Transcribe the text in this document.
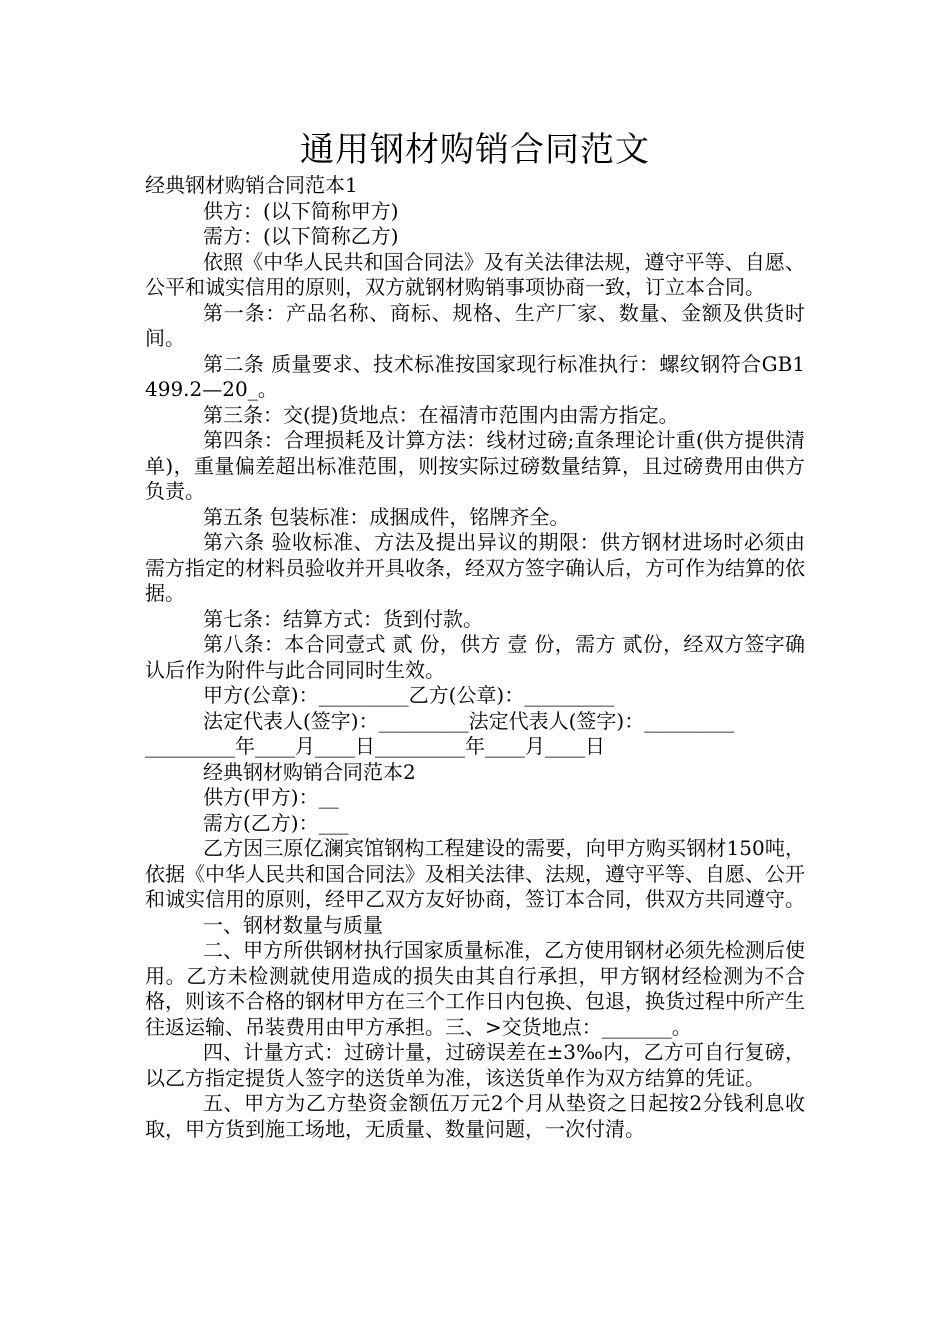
通用钢材购销合同范文

经典钢材购销合同范本1

供方：(以下简称甲方)

需方：(以下简称乙方)

依照《中华人民共和国合同法》及有关法律法规，遵守平等、自愿、公平和诚实信用的原则，双方就钢材购销事项协商一致，订立本合同。

第一条：产品名称、商标、规格、生产厂家、数量、金额及供货时间。

第二条 质量要求、技术标准按国家现行标准执行：螺纹钢符合GB1499.2—20_。

第三条：交(提)货地点：在福清市范围内由需方指定。

第四条：合理损耗及计算方法：线材过磅;直条理论计重(供方提供清单)，重量偏差超出标准范围，则按实际过磅数量结算，且过磅费用由供方负责。

第五条 包装标准：成捆成件，铭牌齐全。

第六条 验收标准、方法及提出异议的期限：供方钢材进场时必须由需方指定的材料员验收并开具收条，经双方签字确认后，方可作为结算的依据。

第七条：结算方式：货到付款。

第八条：本合同壹式 贰 份，供方 壹 份，需方 贰份，经双方签字确认后作为附件与此合同同时生效。

甲方(公章)：_________乙方(公章)：_________

法定代表人(签字)：_________法定代表人(签字)：_________

_________年____月____日_________年____月____日

经典钢材购销合同范本2

供方(甲方)：__

需方(乙方)：___

乙方因三原亿澜宾馆钢构工程建设的需要，向甲方购买钢材150吨，依据《中华人民共和国合同法》及相关法律、法规，遵守平等、自愿、公开和诚实信用的原则，经甲乙双方友好协商，签订本合同，供双方共同遵守。

一、钢材数量与质量

二、甲方所供钢材执行国家质量标准，乙方使用钢材必须先检测后使用。乙方未检测就使用造成的损失由其自行承担，甲方钢材经检测为不合格，则该不合格的钢材甲方在三个工作日内包换、包退，换货过程中所产生往返运输、吊装费用由甲方承担。三、>交货地点：_______。

四、计量方式：过磅计量，过磅误差在±3‰内，乙方可自行复磅，以乙方指定提货人签字的送货单为准，该送货单作为双方结算的凭证。

五、甲方为乙方垫资金额伍万元2个月从垫资之日起按2分钱利息收取，甲方货到施工场地，无质量、数量问题，一次付清。
